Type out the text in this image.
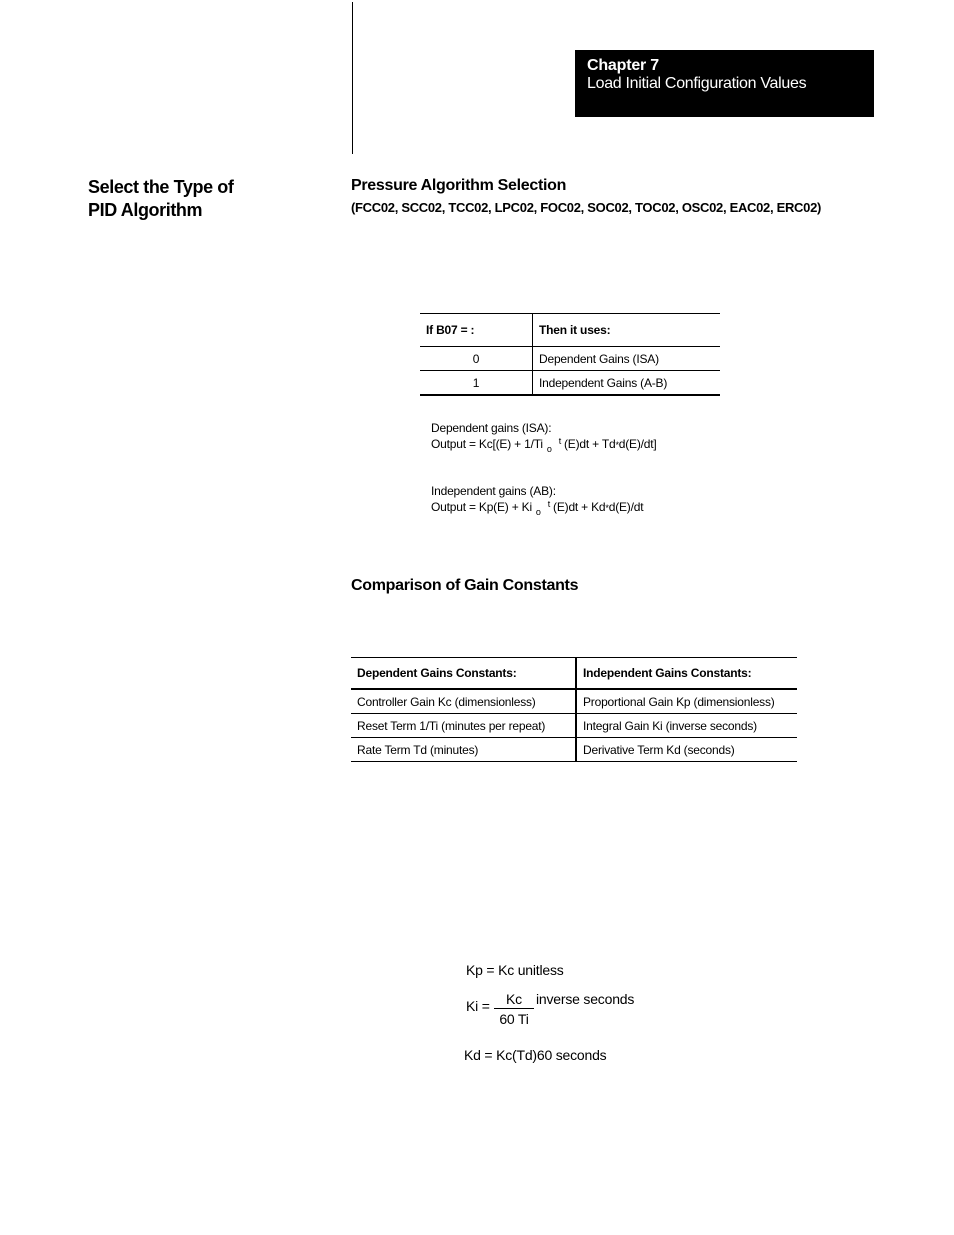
Chapter 7
Load Initial Configuration Values
Select the Type of
PID Algorithm
Pressure Algorithm Selection
(FCC02, SCC02, TCC02, LPC02, FOC02, SOC02, TOC02, OSC02, EAC02, ERC02)
If B07 = :	Then it uses:
0	Dependent Gains (ISA)
1	Independent Gains (A-B)
Dependent gains (ISA):
Output = Kc[(E) + 1/Ti $_o^t$ (E)dt + Td*d(E)/dt]
Independent gains (AB):
Output = Kp(E) + Ki $_o^t$ (E)dt + Kd*d(E)/dt
Comparison of Gain Constants
Dependent Gains Constants:	Independent Gains Constants:
Controller Gain Kc (dimensionless)	Proportional Gain Kp (dimensionless)
Reset Term 1/Ti (minutes per repeat)	Integral Gain Ki (inverse seconds)
Rate Term Td (minutes)	Derivative Term Kd (seconds)
Kp = Kc unitless
Ki =	Kc
60 Ti
inverse seconds
Kd = Kc(Td)60 seconds
